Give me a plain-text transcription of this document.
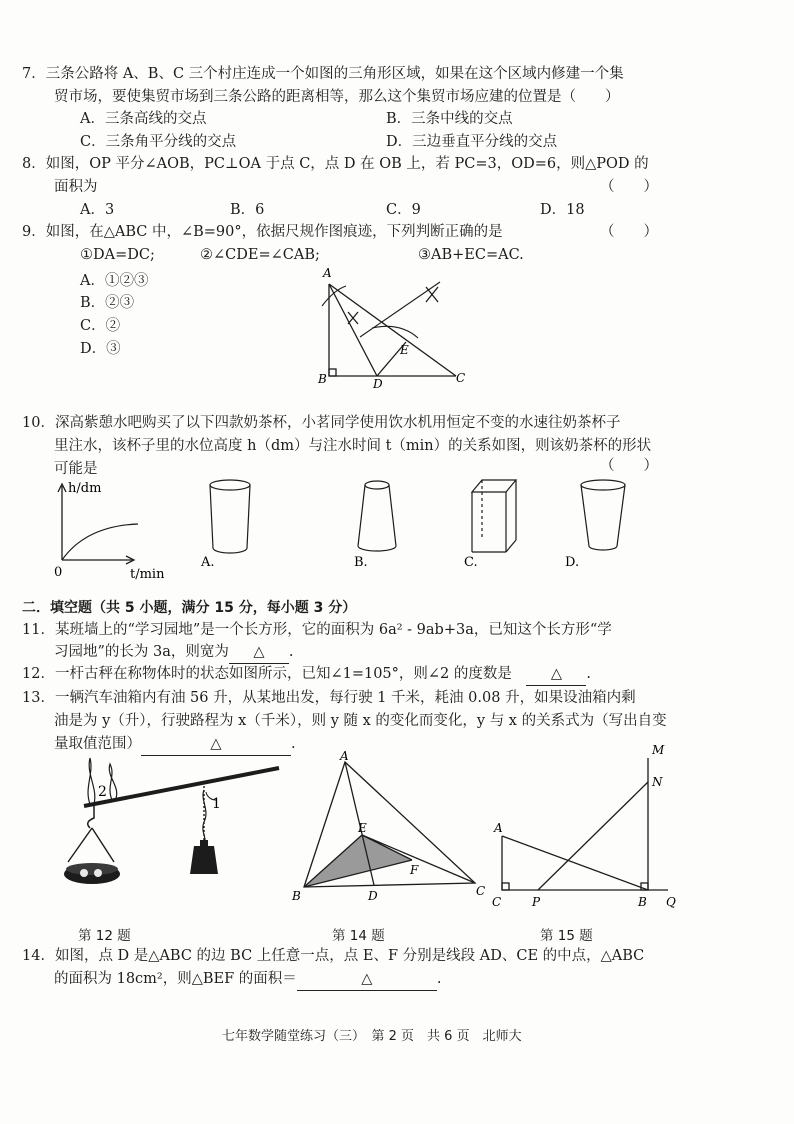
7．三条公路将 A、B、C 三个村庄连成一个如图的三角形区域，如果在这个区域内修建一个集
贸市场，要使集贸市场到三条公路的距离相等，那么这个集贸市场应建的位置是（　　）
A．三条高线的交点	B．三条中线的交点
C．三条角平分线的交点	D．三边垂直平分线的交点
8．如图，OP 平分∠AOB，PC⊥OA 于点 C，点 D 在 OB 上，若 PC=3，OD=6，则△POD 的
面积为	（　　）
A．3	B．6	C．9	D．18
9．如图，在△ABC 中，∠B=90°，依据尺规作图痕迹，下列判断正确的是	（　　）
①DA=DC;	②∠CDE=∠CAB;	③AB+EC=AC.
A．①②③
B．②③
C．②
D．③
A
B	D
E
C
10．深高紫憩水吧购买了以下四款奶茶杯，小茗同学使用饮水机用恒定不变的水速往奶茶杯子
里注水，该杯子里的水位高度 h（dm）与注水时间 t（min）的关系如图，则该奶茶杯的形状
可能是	（　　）
h/dm
0	t/min
A.	B.	C.	D.
二．填空题（共 5 小题，满分 15 分，每小题 3 分）
11．某班墙上的“学习园地”是一个长方形，它的面积为 6a² - 9ab+3a，已知这个长方形“学
习园地”的长为 3a，则宽为 △ .
12．一杆古秤在称物体时的状态如图所示，已知∠1=105°，则∠2 的度数是　	△ .
13．一辆汽车油箱内有油 56 升，从某地出发，每行驶 1 千米，耗油 0.08 升，如果设油箱内剩
油是为 y（升），行驶路程为 x（千米），则 y 随 x 的变化而变化，y 与 x 的关系式为（写出自变
量取值范围）	△	.
2
1
第 12 题
A
B	C
D
E
F
第 14 题
A
C	P	B Q
M
N
第 15 题
14．如图，点 D 是△ABC 的边 BC 上任意一点，点 E、F 分别是线段 AD、CE 的中点，△ABC
的面积为 18cm²，则△BEF 的面积＝	△	.
七年数学随堂练习（三）　第 2 页　共 6 页　北师大
